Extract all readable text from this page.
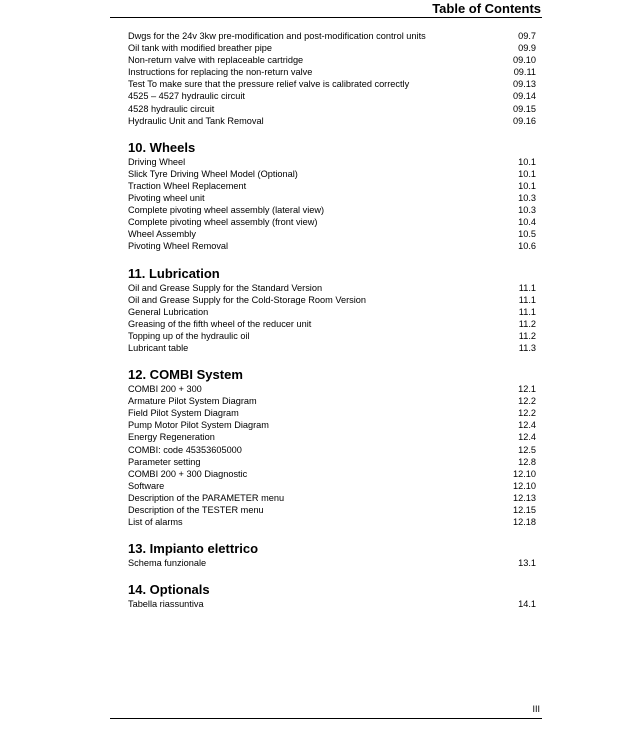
Table of Contents
Dwgs for the 24v 3kw pre-modification and post-modification control units	09.7
Oil tank with modified breather pipe	09.9
Non-return valve with replaceable cartridge	09.10
Instructions for replacing the non-return valve	09.11
Test To make sure that the pressure relief valve is calibrated correctly	09.13
4525 – 4527 hydraulic circuit	09.14
4528 hydraulic circuit	09.15
Hydraulic Unit and Tank Removal	09.16
10. Wheels
Driving Wheel	10.1
Slick Tyre Driving Wheel Model (Optional)	10.1
Traction Wheel Replacement	10.1
Pivoting wheel unit	10.3
Complete pivoting wheel assembly (lateral view)	10.3
Complete pivoting wheel assembly (front view)	10.4
Wheel Assembly	10.5
Pivoting Wheel Removal	10.6
11. Lubrication
Oil and Grease Supply for the Standard Version	11.1
Oil and Grease Supply for the Cold-Storage Room Version	11.1
General Lubrication	11.1
Greasing of the fifth wheel of the reducer unit	11.2
Topping up of the hydraulic oil	11.2
Lubricant table	11.3
12. COMBI System
COMBI 200 + 300	12.1
Armature Pilot System Diagram	12.2
Field Pilot System Diagram	12.2
Pump Motor Pilot System Diagram	12.4
Energy Regeneration	12.4
COMBI: code 45353605000	12.5
Parameter setting	12.8
COMBI 200 + 300 Diagnostic	12.10
Software	12.10
Description of the PARAMETER menu	12.13
Description of the TESTER menu	12.15
List of alarms	12.18
13. Impianto elettrico
Schema funzionale	13.1
14. Optionals
Tabella riassuntiva	14.1
III
